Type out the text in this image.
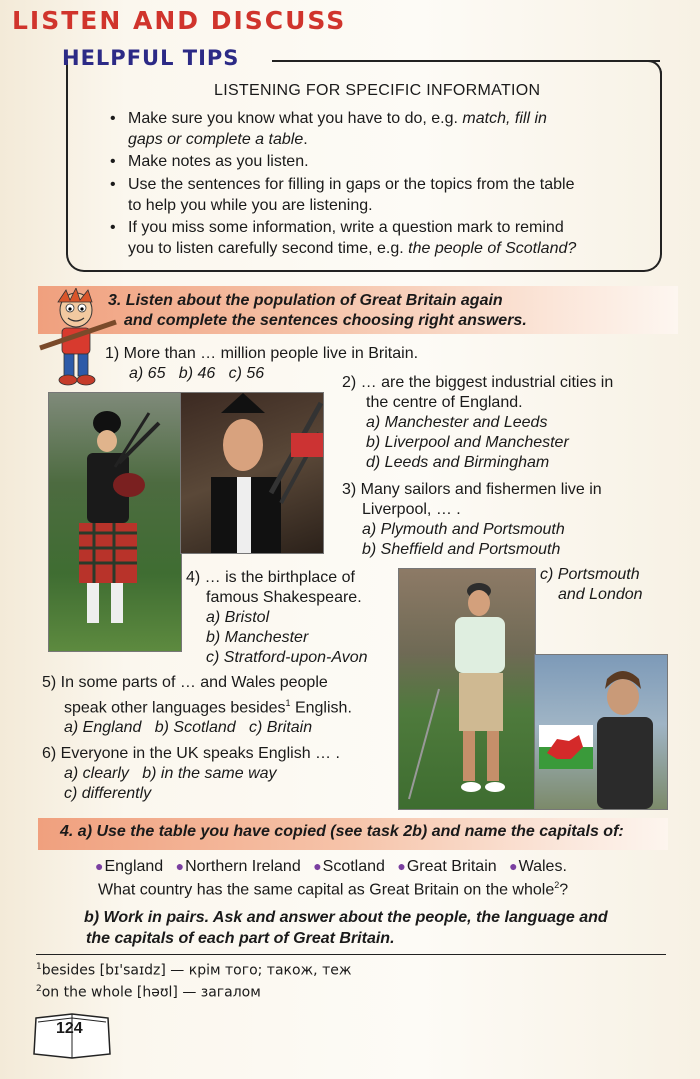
LISTEN AND DISCUSS
HELPFUL TIPS
LISTENING FOR SPECIFIC INFORMATION
• Make sure you know what you have to do, e.g. match, fill in
gaps or complete a table.
• Make notes as you listen.
• Use the sentences for filling in gaps or the topics from the table
to help you while you are listening.
• If you miss some information, write a question mark to remind
you to listen carefully second time, e.g. the people of Scotland?
3. Listen about the population of Great Britain again
and complete the sentences choosing right answers.
1) More than … million people live in Britain.
a) 65   b) 46   c) 56
2) … are the biggest industrial cities in
the centre of England.
a) Manchester and Leeds
b) Liverpool and Manchester
d) Leeds and Birmingham
3) Many sailors and fishermen live in
Liverpool, … .
a) Plymouth and Portsmouth
b) Sheffield and Portsmouth
c) Portsmouth
and London
4) … is the birthplace of
famous Shakespeare.
a) Bristol
b) Manchester
c) Stratford-upon-Avon
5) In some parts of … and Wales people
speak other languages besides$^1$ English.
a) England   b) Scotland   c) Britain
6) Everyone in the UK speaks English … .
a) clearly   b) in the same way
c) differently
4. a) Use the table you have copied (see task 2b) and name the capitals of:
● England ● Northern Ireland ● Scotland ● Great Britain ● Wales.
What country has the same capital as Great Britain on the whole$^2$?
b) Work in pairs. Ask and answer about the people, the language and
the capitals of each part of Great Britain.
$^1$besides [bɪ'saɪdz] — крім того; також, теж
$^2$on the whole [həʊl] — загалом
124
